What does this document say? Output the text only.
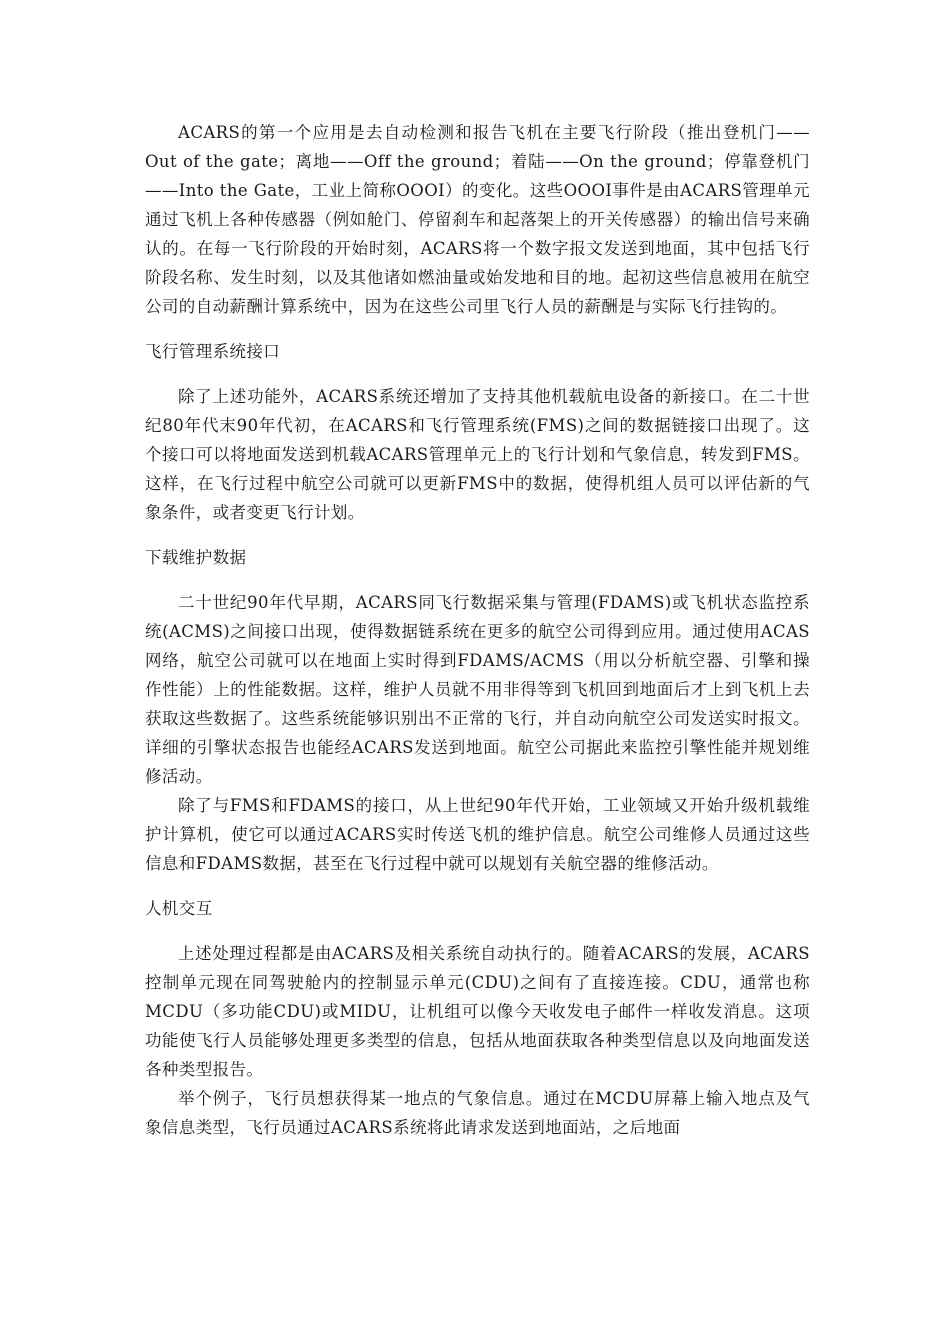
ACARS的第一个应用是去自动检测和报告飞机在主要飞行阶段（推出登机门——Out of the gate；离地——Off the ground；着陆——On the ground；停靠登机门——Into the Gate，工业上简称OOOI）的变化。这些OOOI事件是由ACARS管理单元通过飞机上各种传感器（例如舱门、停留刹车和起落架上的开关传感器）的输出信号来确认的。在每一飞行阶段的开始时刻，ACARS将一个数字报文发送到地面，其中包括飞行阶段名称、发生时刻，以及其他诸如燃油量或始发地和目的地。起初这些信息被用在航空公司的自动薪酬计算系统中，因为在这些公司里飞行人员的薪酬是与实际飞行挂钩的。

飞行管理系统接口

除了上述功能外，ACARS系统还增加了支持其他机载航电设备的新接口。在二十世纪80年代末90年代初，在ACARS和飞行管理系统(FMS)之间的数据链接口出现了。这个接口可以将地面发送到机载ACARS管理单元上的飞行计划和气象信息，转发到FMS。这样，在飞行过程中航空公司就可以更新FMS中的数据，使得机组人员可以评估新的气象条件，或者变更飞行计划。

下载维护数据

二十世纪90年代早期，ACARS同飞行数据采集与管理(FDAMS)或飞机状态监控系统(ACMS)之间接口出现，使得数据链系统在更多的航空公司得到应用。通过使用ACAS网络，航空公司就可以在地面上实时得到FDAMS/ACMS（用以分析航空器、引擎和操作性能）上的性能数据。这样，维护人员就不用非得等到飞机回到地面后才上到飞机上去获取这些数据了。这些系统能够识别出不正常的飞行，并自动向航空公司发送实时报文。详细的引擎状态报告也能经ACARS发送到地面。航空公司据此来监控引擎性能并规划维修活动。

除了与FMS和FDAMS的接口，从上世纪90年代开始，工业领域又开始升级机载维护计算机，使它可以通过ACARS实时传送飞机的维护信息。航空公司维修人员通过这些信息和FDAMS数据，甚至在飞行过程中就可以规划有关航空器的维修活动。

人机交互

上述处理过程都是由ACARS及相关系统自动执行的。随着ACARS的发展，ACARS控制单元现在同驾驶舱内的控制显示单元(CDU)之间有了直接连接。CDU，通常也称MCDU（多功能CDU)或MIDU，让机组可以像今天收发电子邮件一样收发消息。这项功能使飞行人员能够处理更多类型的信息，包括从地面获取各种类型信息以及向地面发送各种类型报告。

举个例子，飞行员想获得某一地点的气象信息。通过在MCDU屏幕上输入地点及气象信息类型，飞行员通过ACARS系统将此请求发送到地面站，之后地面
